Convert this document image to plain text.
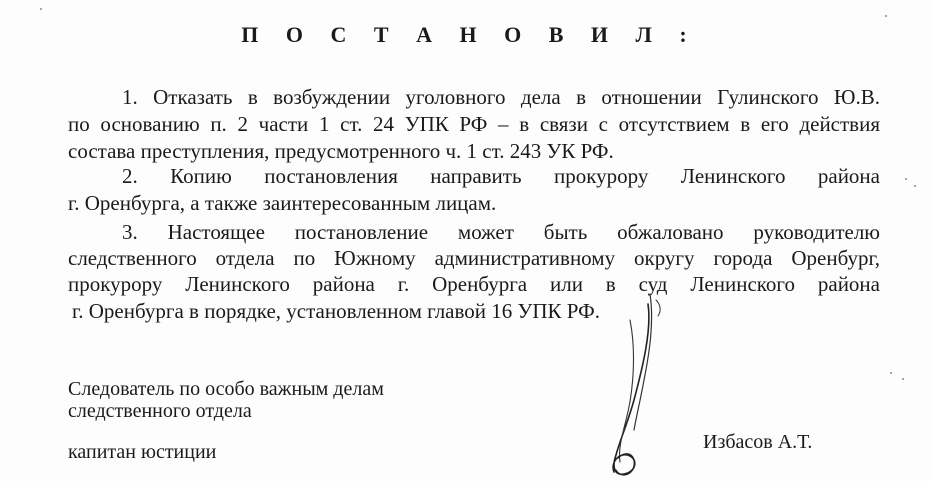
П О С Т А Н О В И Л :
1. Отказать в возбуждении уголовного дела в отношении Гулинского Ю.В.
по основанию п. 2 части 1 ст. 24 УПК РФ – в связи с отсутствием в его действия
состава преступления, предусмотренного ч. 1 ст. 243 УК РФ.
2. Копию постановления направить прокурору Ленинского района
г. Оренбурга, а также заинтересованным лицам.
3. Настоящее постановление может быть обжаловано руководителю
следственного отдела по Южному административному округу города Оренбург,
прокурору Ленинского района г. Оренбурга или в суд Ленинского района
г. Оренбурга в порядке, установленном главой 16 УПК РФ.
Следователь по особо важным делам
следственного отдела
капитан юстиции	Избасов А.Т.
